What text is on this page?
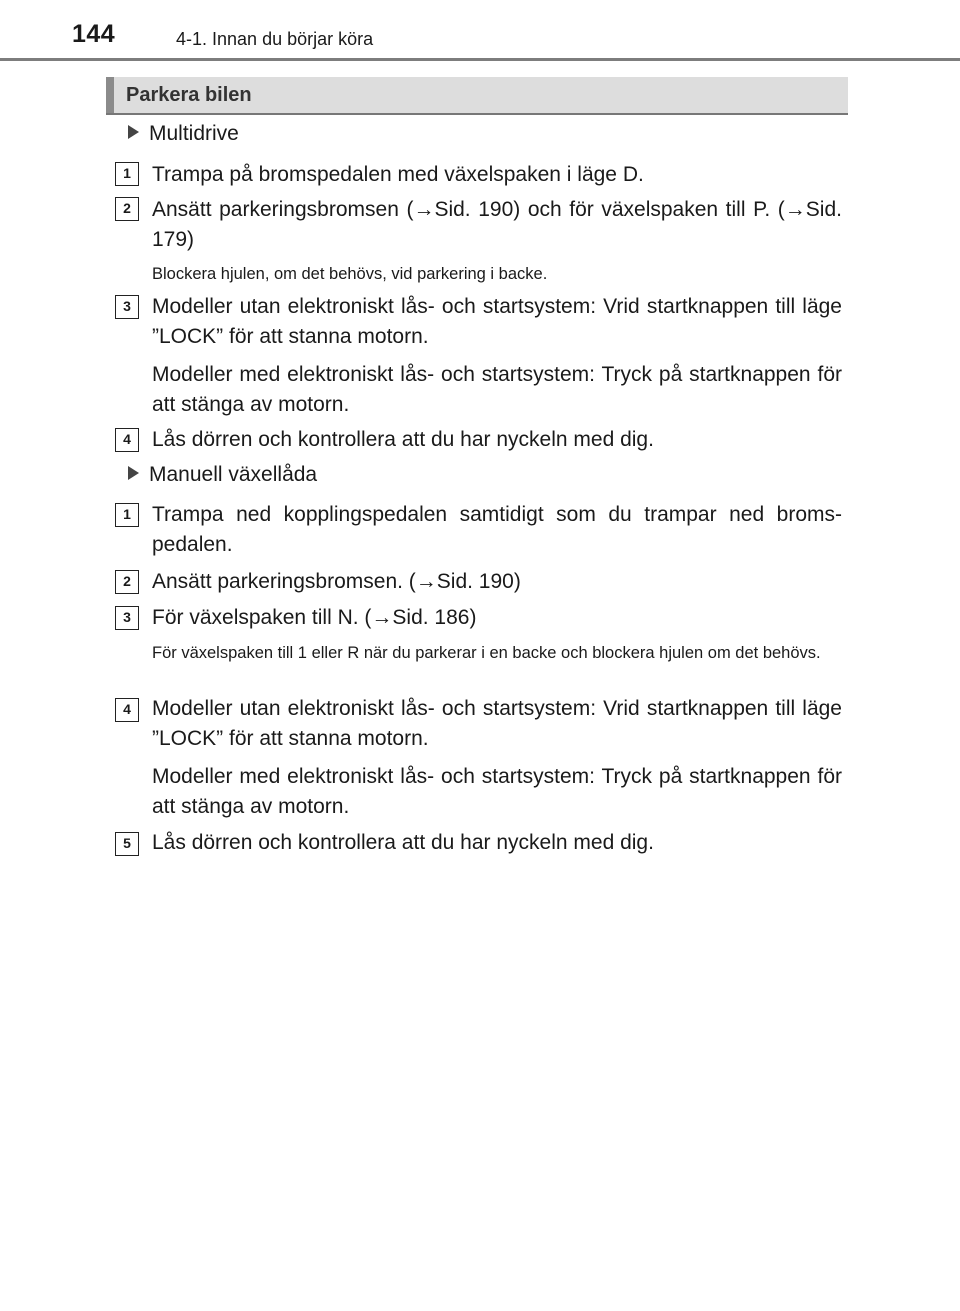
144	4-1. Innan du börjar köra
Parkera bilen
Multidrive
1	Trampa på bromspedalen med växelspaken i läge D.
2	Ansätt parkeringsbromsen (→Sid. 190) och för växelspaken till P. (→Sid. 179)
Blockera hjulen, om det behövs, vid parkering i backe.
3	Modeller utan elektroniskt lås- och startsystem: Vrid startknappen till läge ”LOCK” för att stanna motorn.
Modeller med elektroniskt lås- och startsystem: Tryck på startknappen för att stänga av motorn.
4	Lås dörren och kontrollera att du har nyckeln med dig.
Manuell växellåda
1	Trampa ned kopplingspedalen samtidigt som du trampar ned broms-pedalen.
2	Ansätt parkeringsbromsen. (→Sid. 190)
3	För växelspaken till N. (→Sid. 186)
För växelspaken till 1 eller R när du parkerar i en backe och blockera hjulen om det behövs.
4	Modeller utan elektroniskt lås- och startsystem: Vrid startknappen till läge ”LOCK” för att stanna motorn.
Modeller med elektroniskt lås- och startsystem: Tryck på startknappen för att stänga av motorn.
5	Lås dörren och kontrollera att du har nyckeln med dig.
